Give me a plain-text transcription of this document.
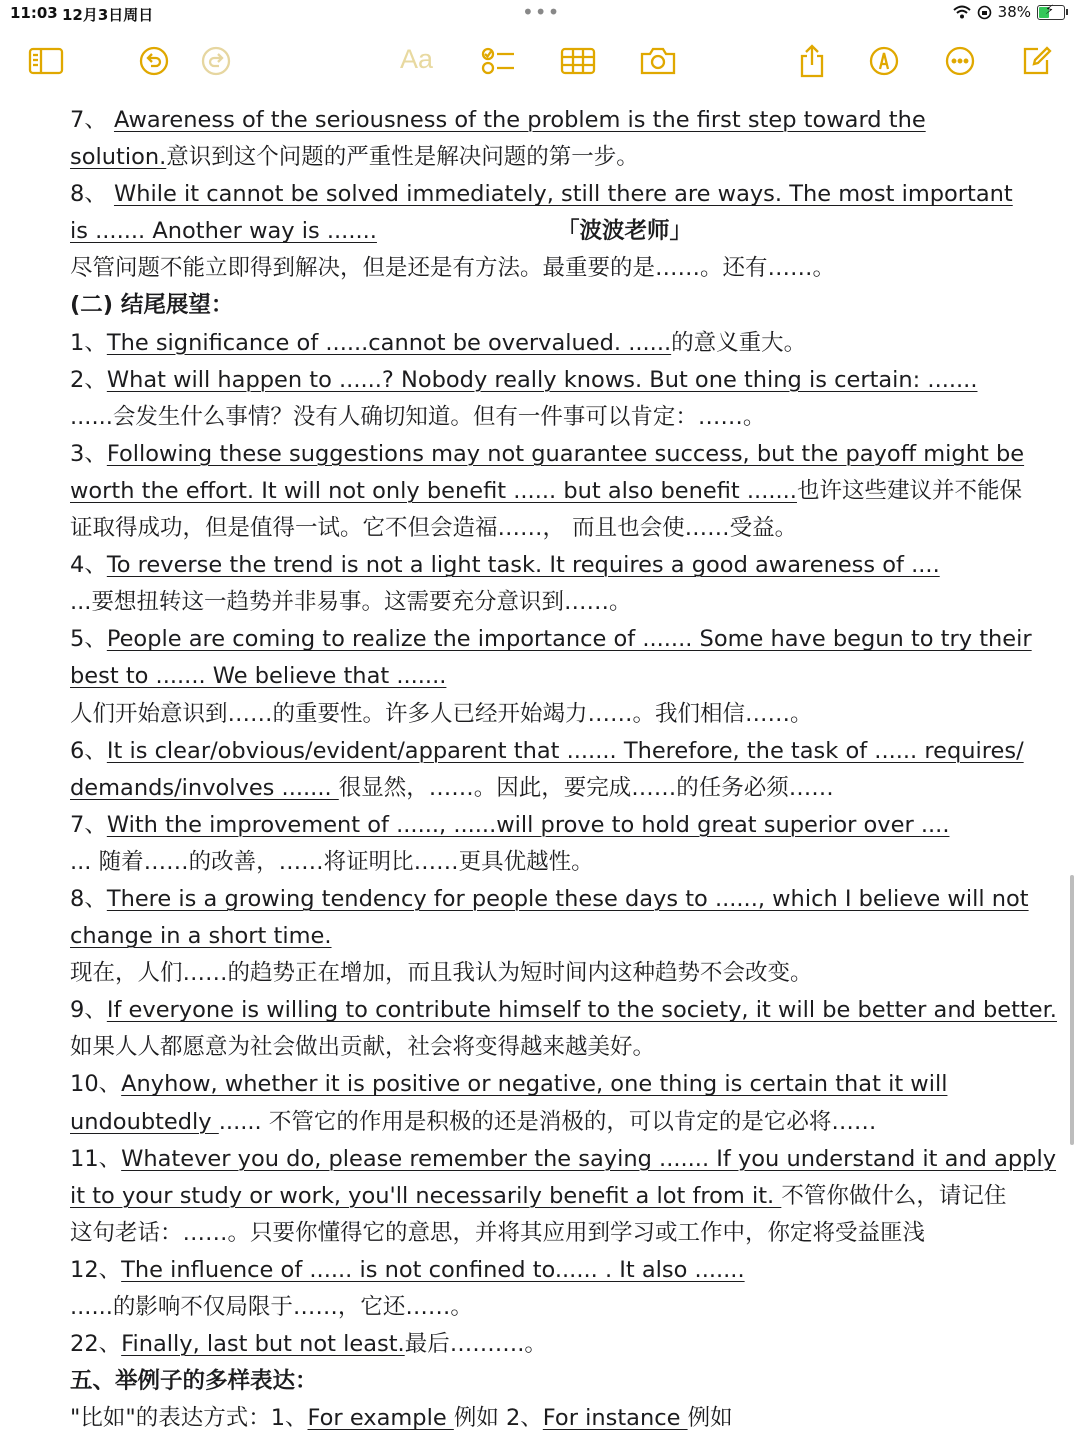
11:03 12月3日周日	•••	38% ⚡
Aa
7、 Awareness of the seriousness of the problem is the first step toward the
solution.意识到这个问题的严重性是解决问题的第一步。
8、 While it cannot be solved immediately, still there are ways. The most important
is ....... Another way is .......	「波波老师」
尽管问题不能立即得到解决，但是还是有方法。最重要的是……。还有……。
(二) 结尾展望：
1、The significance of ......cannot be overvalued. ......的意义重大。
2、What will happen to ......? Nobody really knows. But one thing is certain: .......
......会发生什么事情？没有人确切知道。但有一件事可以肯定：……。
3、Following these suggestions may not guarantee success, but the payoff might be
worth the effort. It will not only benefit ...... but also benefit .......也许这些建议并不能保
证取得成功，但是值得一试。它不但会造福……， 而且也会使……受益。
4、To reverse the trend is not a light task. It requires a good awareness of ....
...要想扭转这一趋势并非易事。这需要充分意识到……。
5、People are coming to realize the importance of ....... Some have begun to try their
best to ....... We believe that .......
人们开始意识到……的重要性。许多人已经开始竭力……。我们相信……。
6、It is clear/obvious/evident/apparent that ....... Therefore, the task of ...... requires/
demands/involves ....... 很显然，……。因此，要完成……的任务必须……
7、With the improvement of ......, ......will prove to hold great superior over ....
... 随着……的改善，……将证明比……更具优越性。
8、There is a growing tendency for people these days to ......, which I believe will not
change in a short time.
现在，人们……的趋势正在增加，而且我认为短时间内这种趋势不会改变。
9、If everyone is willing to contribute himself to the society, it will be better and better.
如果人人都愿意为社会做出贡献，社会将变得越来越美好。
10、Anyhow, whether it is positive or negative, one thing is certain that it will
undoubtedly ...... 不管它的作用是积极的还是消极的，可以肯定的是它必将……
11、Whatever you do, please remember the saying ....... If you understand it and apply
it to your study or work, you'll necessarily benefit a lot from it. 不管你做什么，请记住
这句老话：……。只要你懂得它的意思，并将其应用到学习或工作中，你定将受益匪浅
12、The influence of ...... is not confined to...... . It also .......
......的影响不仅局限于……，它还……。
22、Finally, last but not least.最后……….。
五、举例子的多样表达：
"比如"的表达方式：1、For example 例如 2、For instance 例如
